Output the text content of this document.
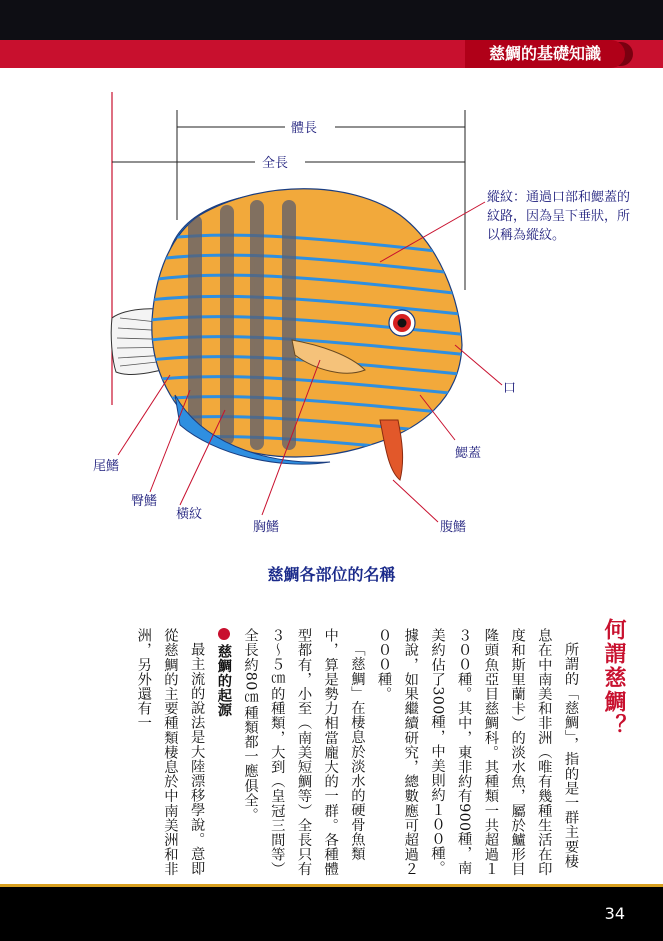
慈鯛的基礎知識
體長
全長
縱紋：通過口部和鰓蓋的紋路，因為呈下垂狀，所以稱為縱紋。
口
鰓蓋
尾鰭
臀鰭
橫紋
胸鰭	腹鰭
慈鯛各部位的名稱
何謂慈鯛？

所謂的「慈鯛」，指的是一群主要棲息在中南美和非洲（唯有幾種生活在印度和斯里蘭卡）的淡水魚，屬於鱸形目隆頭魚亞目慈鯛科。其種類一共超過１３００種。其中，東非約有900種，南美約佔了300種，中美則約１００種。據說，如果繼續研究，總數應可超過２０００種。

「慈鯛」在棲息於淡水的硬骨魚類中，算是勢力相當龐大的一群。各種體型都有，小至（南美短鯛等）全長只有３～５㎝的種類，大到（皇冠三間等）全長約80㎝種類都一應俱全。

慈鯛的起源

最主流的說法是大陸漂移學說。意即從慈鯛的主要種類棲息於中南美洲和非洲，另外還有一

34
